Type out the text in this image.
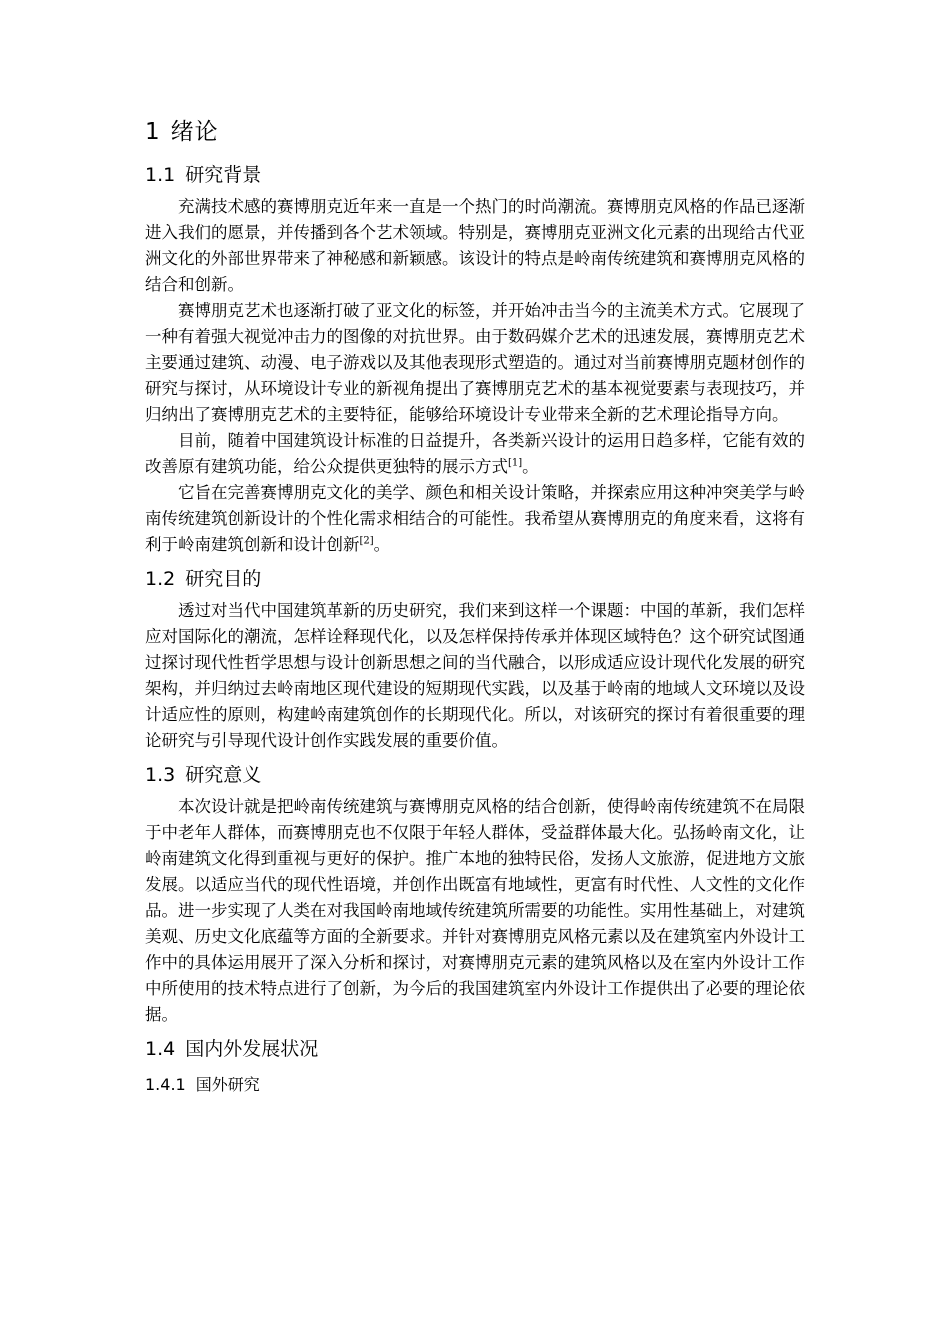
1 绪论
1.1 研究背景

充满技术感的赛博朋克近年来一直是一个热门的时尚潮流。赛博朋克风格的作品已逐渐进入我们的愿景，并传播到各个艺术领域。特别是，赛博朋克亚洲文化元素的出现给古代亚洲文化的外部世界带来了神秘感和新颖感。该设计的特点是岭南传统建筑和赛博朋克风格的结合和创新。

赛博朋克艺术也逐渐打破了亚文化的标签，并开始冲击当今的主流美术方式。它展现了一种有着强大视觉冲击力的图像的对抗世界。由于数码媒介艺术的迅速发展，赛博朋克艺术主要通过建筑、动漫、电子游戏以及其他表现形式塑造的。通过对当前赛博朋克题材创作的研究与探讨，从环境设计专业的新视角提出了赛博朋克艺术的基本视觉要素与表现技巧，并归纳出了赛博朋克艺术的主要特征，能够给环境设计专业带来全新的艺术理论指导方向。

目前，随着中国建筑设计标准的日益提升，各类新兴设计的运用日趋多样，它能有效的改善原有建筑功能，给公众提供更独特的展示方式[1]。

它旨在完善赛博朋克文化的美学、颜色和相关设计策略，并探索应用这种冲突美学与岭南传统建筑创新设计的个性化需求相结合的可能性。我希望从赛博朋克的角度来看，这将有利于岭南建筑创新和设计创新[2]。

1.2 研究目的

透过对当代中国建筑革新的历史研究，我们来到这样一个课题：中国的革新，我们怎样应对国际化的潮流，怎样诠释现代化，以及怎样保持传承并体现区域特色？这个研究试图通过探讨现代性哲学思想与设计创新思想之间的当代融合，以形成适应设计现代化发展的研究架构，并归纳过去岭南地区现代建设的短期现代实践，以及基于岭南的地域人文环境以及设计适应性的原则，构建岭南建筑创作的长期现代化。所以，对该研究的探讨有着很重要的理论研究与引导现代设计创作实践发展的重要价值。

1.3 研究意义

本次设计就是把岭南传统建筑与赛博朋克风格的结合创新，使得岭南传统建筑不在局限于中老年人群体，而赛博朋克也不仅限于年轻人群体，受益群体最大化。弘扬岭南文化，让岭南建筑文化得到重视与更好的保护。推广本地的独特民俗，发扬人文旅游，促进地方文旅发展。以适应当代的现代性语境，并创作出既富有地域性，更富有时代性、人文性的文化作品。进一步实现了人类在对我国岭南地域传统建筑所需要的功能性。实用性基础上，对建筑美观、历史文化底蕴等方面的全新要求。并针对赛博朋克风格元素以及在建筑室内外设计工作中的具体运用展开了深入分析和探讨，对赛博朋克元素的建筑风格以及在室内外设计工作中所使用的技术特点进行了创新，为今后的我国建筑室内外设计工作提供出了必要的理论依据。

1.4 国内外发展状况
1.4.1 国外研究
